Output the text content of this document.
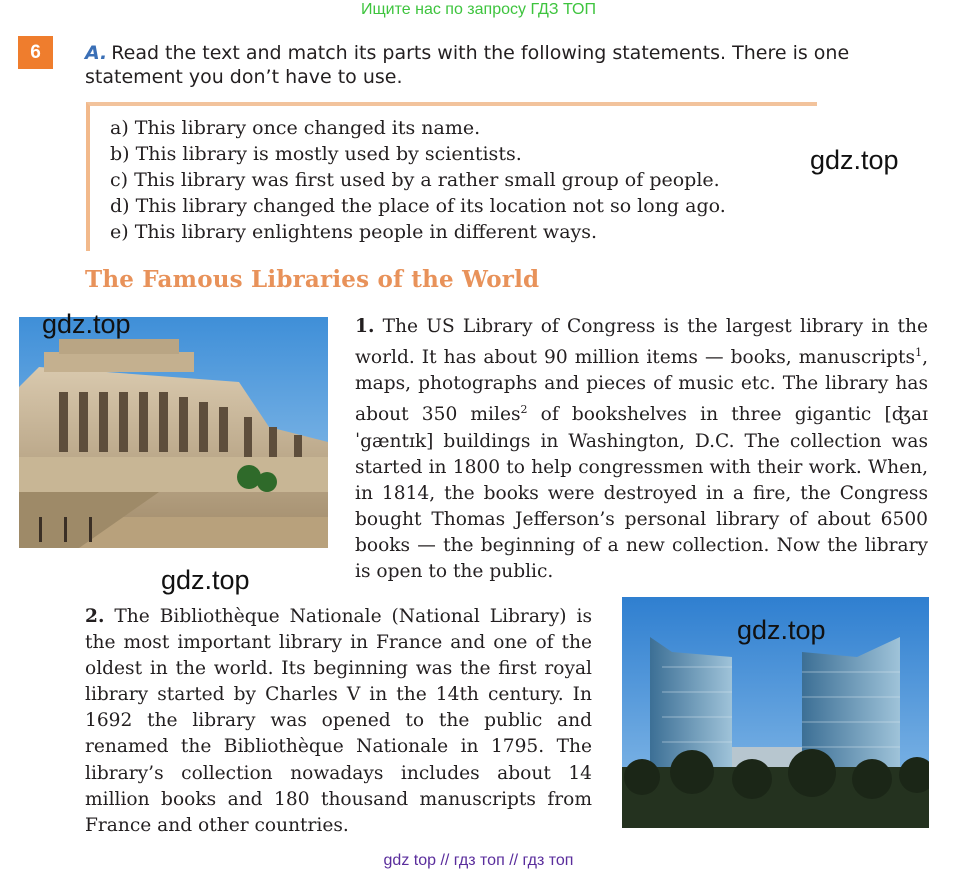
Ищите нас по запросу ГДЗ ТОП
6	A. Read the text and match its parts with the following statements. There is one statement you don’t have to use.
a) This library once changed its name.
b) This library is mostly used by scientists.
c) This library was first used by a rather small group of people.
d) This library changed the place of its location not so long ago.
e) This library enlightens people in different ways.
gdz.top
The Famous Libraries of the World
gdz.top
gdz.top

1. The US Library of Congress is the largest library in the world. It has about 90 million items — books, manuscripts$^1$, maps, photographs and pieces of music etc. The library has about 350 miles$^2$ of bookshelves in three gigantic [ʤaɪˈgæntɪk] buildings in Washington, D.C. The collection was started in 1800 to help congressmen with their work. When, in 1814, the books were destroyed in a fire, the Congress bought Thomas Jefferson’s personal library of about 6500 books — the beginning of a new collection. Now the library is open to the public.

2. The Bibliothèque Nationale (National Library) is the most important library in France and one of the oldest in the world. Its beginning was the first royal library started by Charles V in the 14th century. In 1692 the library was opened to the public and renamed the Bibliothèque Nationale in 1795. The library’s collection nowadays includes about 14 million books and 180 thousand manuscripts from France and other countries.

gdz.top
gdz top // гдз топ // гдз топ
